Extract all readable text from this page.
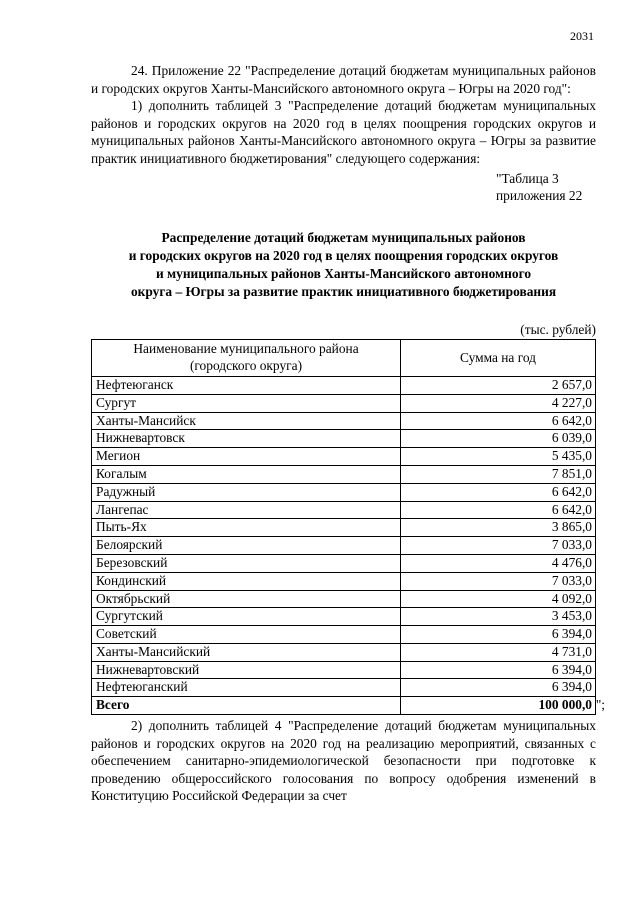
2031

24. Приложение 22 "Распределение дотаций бюджетам муниципальных районов и городских округов Ханты-Мансийского автономного округа – Югры на 2020 год":

1) дополнить таблицей 3 "Распределение дотаций бюджетам муниципальных районов и городских округов на 2020 год в целях поощрения городских округов и муниципальных районов Ханты-Мансийского автономного округа – Югры за развитие практик инициативного бюджетирования" следующего содержания:

"Таблица 3
приложения 22
Распределение дотаций бюджетам муниципальных районов
и городских округов на 2020 год в целях поощрения городских округов
и муниципальных районов Ханты-Мансийского автономного
округа – Югры за развитие практик инициативного бюджетирования
(тыс. рублей)
Наименование муниципального района
(городского округа)	Сумма на год
Нефтеюганск	2 657,0
Сургут	4 227,0
Ханты-Мансийск	6 642,0
Нижневартовск	6 039,0
Мегион	5 435,0
Когалым	7 851,0
Радужный	6 642,0
Лангепас	6 642,0
Пыть-Ях	3 865,0
Белоярский	7 033,0
Березовский	4 476,0
Кондинский	7 033,0
Октябрьский	4 092,0
Сургутский	3 453,0
Советский	6 394,0
Ханты-Мансийский	4 731,0
Нижневартовский	6 394,0
Нефтеюганский	6 394,0
Всего	100 000,0 ";

2) дополнить таблицей 4 "Распределение дотаций бюджетам муниципальных районов и городских округов на 2020 год на реализацию мероприятий, связанных с обеспечением санитарно-эпидемиологической безопасности при подготовке к проведению общероссийского голосования по вопросу одобрения изменений в Конституцию Российской Федерации за счет
